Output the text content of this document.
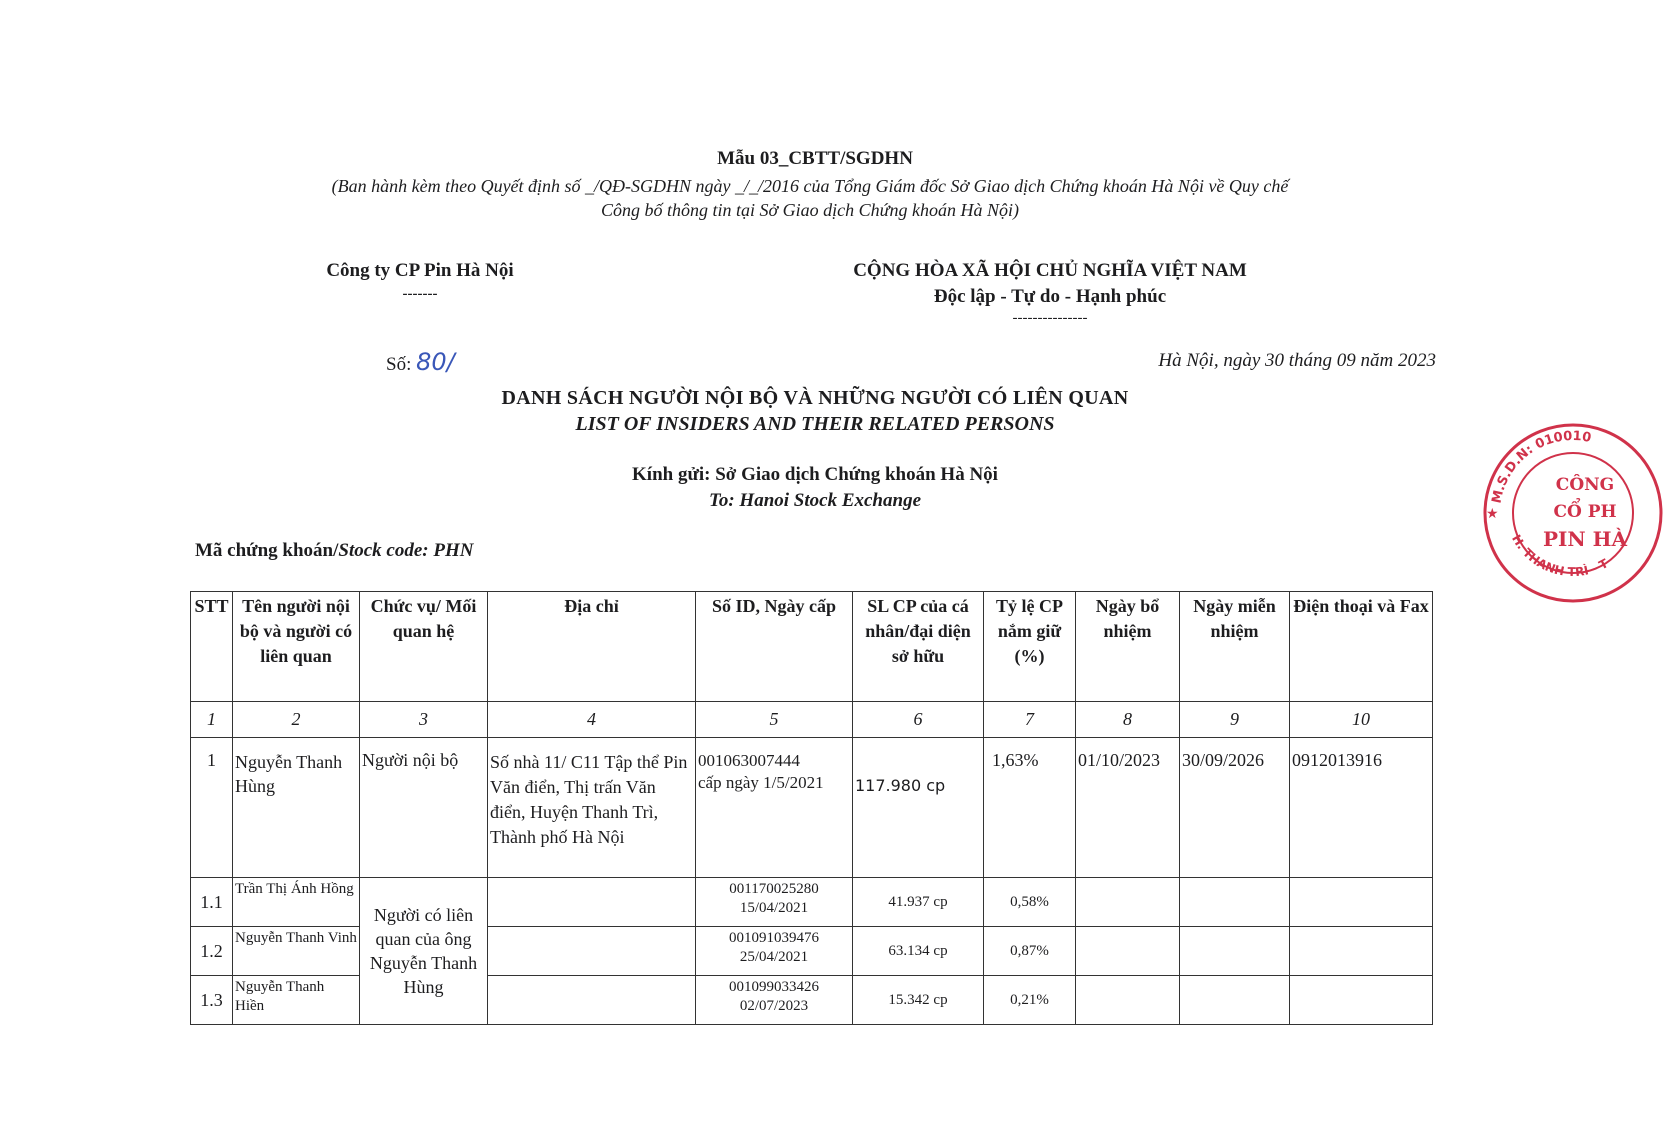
Mẫu 03_CBTT/SGDHN
(Ban hành kèm theo Quyết định số _/QĐ-SGDHN ngày _/_/2016 của Tổng Giám đốc Sở Giao dịch Chứng khoán Hà Nội về Quy chế
Công bố thông tin tại Sở Giao dịch Chứng khoán Hà Nội)
Công ty CP Pin Hà Nội
-------
CỘNG HÒA XÃ HỘI CHỦ NGHĨA VIỆT NAM
Độc lập - Tự do - Hạnh phúc
---------------
Số: 80/	Hà Nội, ngày 30 tháng 09 năm 2023
DANH SÁCH NGƯỜI NỘI BỘ VÀ NHỮNG NGƯỜI CÓ LIÊN QUAN
LIST OF INSIDERS AND THEIR RELATED PERSONS
Kính gửi: Sở Giao dịch Chứng khoán Hà Nội
To: Hanoi Stock Exchange
Mã chứng khoán/Stock code: PHN
STT	Tên người nội bộ và người có liên quan	Chức vụ/ Mối quan hệ	Địa chỉ	Số ID, Ngày cấp	SL CP của cá nhân/đại diện sở hữu	Tỷ lệ CP nắm giữ (%)	Ngày bổ nhiệm	Ngày miễn nhiệm	Điện thoại và Fax
1	2	3	4	5	6	7	8	9	10
1	Nguyễn Thanh Hùng	Người nội bộ	Số nhà 11/ C11 Tập thể Pin Văn điển, Thị trấn Văn điển, Huyện Thanh Trì, Thành phố Hà Nội	001063007444
cấp ngày 1/5/2021	117.980 cp	1,63%	01/10/2023	30/09/2026	0912013916
1.1	Trần Thị Ánh Hồng	Người có liên quan của ông Nguyễn Thanh Hùng		001170025280
15/04/2021	41.937 cp	0,58%			
1.2	Nguyễn Thanh Vinh			001091039476
25/04/2021	63.134 cp	0,87%			
1.3	Nguyễn Thanh Hiền			001099033426
02/07/2023	15.342 cp	0,21%			
M.S.D.N: 010010
H. THANH TRÌ - T
★
CÔNG
CỔ PH
PIN HÀ
